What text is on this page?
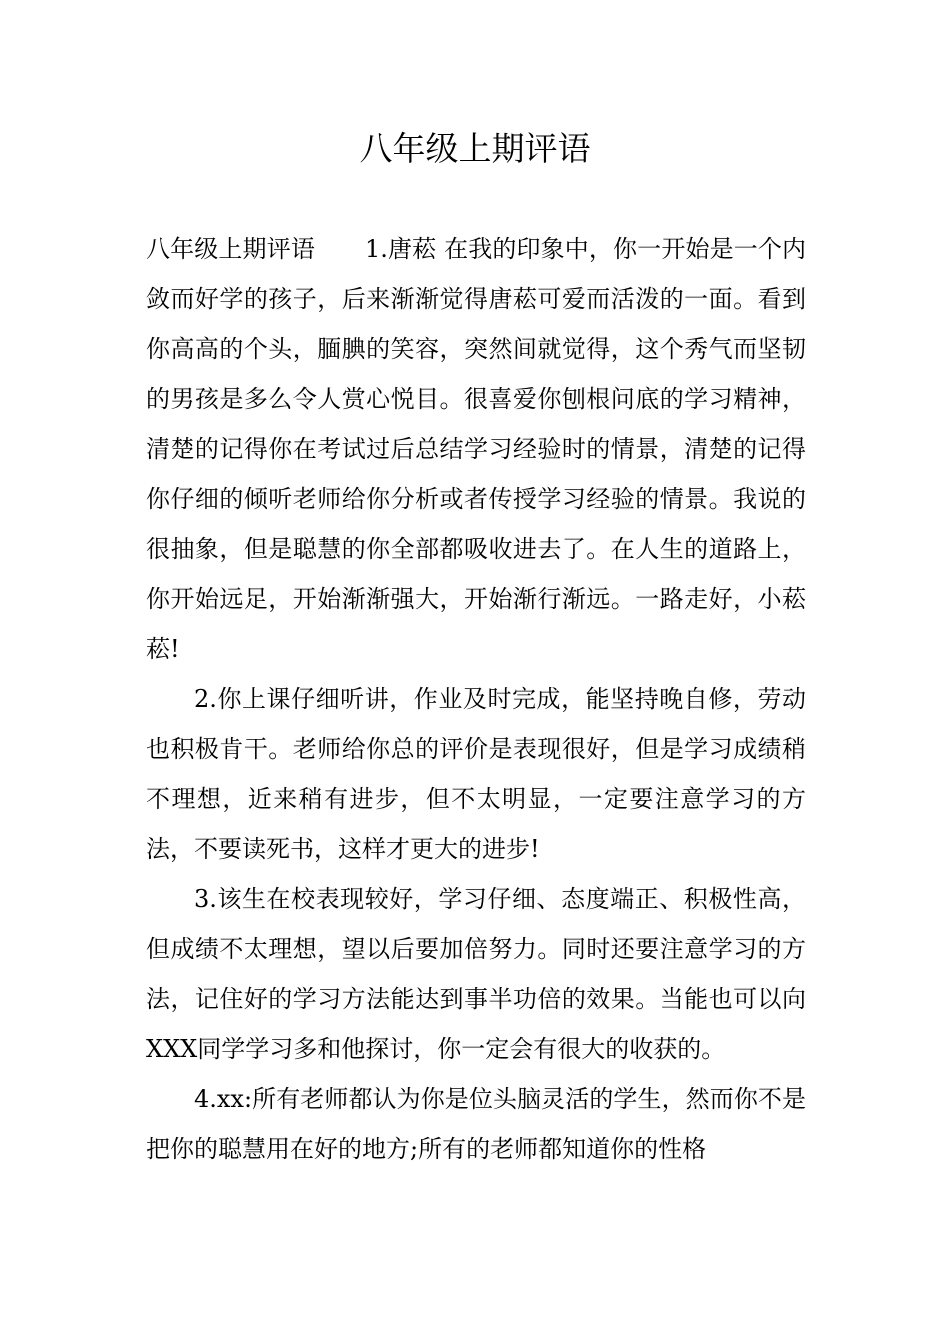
八年级上期评语

八年级上期评语 1.唐菘 在我的印象中，你一开始是一个内敛而好学的孩子，后来渐渐觉得唐菘可爱而活泼的一面。看到你高高的个头，腼腆的笑容，突然间就觉得，这个秀气而坚韧的男孩是多么令人赏心悦目。很喜爱你刨根问底的学习精神，清楚的记得你在考试过后总结学习经验时的情景，清楚的记得你仔细的倾听老师给你分析或者传授学习经验的情景。我说的很抽象，但是聪慧的你全部都吸收进去了。在人生的道路上，你开始远足，开始渐渐强大，开始渐行渐远。一路走好，小菘菘!

2.你上课仔细听讲，作业及时完成，能坚持晚自修，劳动也积极肯干。老师给你总的评价是表现很好，但是学习成绩稍不理想，近来稍有进步，但不太明显，一定要注意学习的方法，不要读死书，这样才更大的进步!

3.该生在校表现较好，学习仔细、态度端正、积极性高，但成绩不太理想，望以后要加倍努力。同时还要注意学习的方法，记住好的学习方法能达到事半功倍的效果。当能也可以向XXX同学学习多和他探讨，你一定会有很大的收获的。

4.xx:所有老师都认为你是位头脑灵活的学生，然而你不是把你的聪慧用在好的地方;所有的老师都知道你的性格
